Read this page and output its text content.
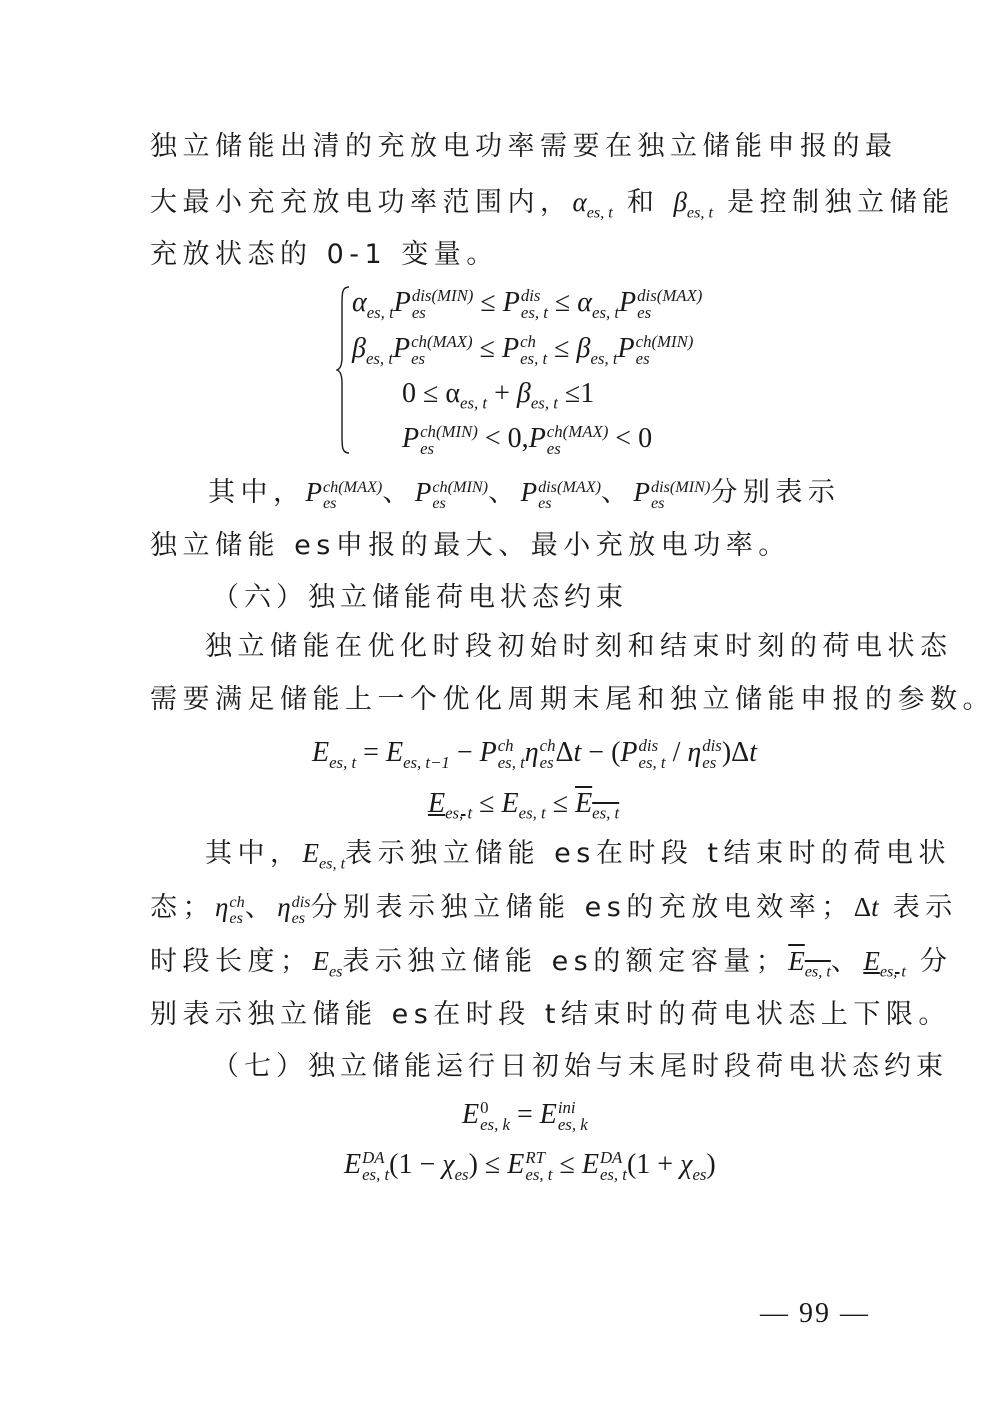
独立储能出清的充放电功率需要在独立储能申报的最
大最小充充放电功率范围内，$\alpha_{es, t}$ 和 $\beta_{es, t}$ 是控制独立储能
充放状态的 0-1 变量。
$\alpha_{es, t}P$ dis(MIN)
es	≤ P dis
es, $t \le \alpha_{es, t}P$ dis(MAX)
es
$\beta_{es, t}P$ ch(MAX)
es	≤ P ch
es, $t \le \beta_{es, t}P$ ch(MIN)
es
$0 \le \alpha_{es, t} + \beta_{es, t} \le 1$
P ch(MIN)
es	< 0,P ch(MAX)
es	< 0
其中，P ch(MAX)
es	、P ch(MIN)
es	、P dis(MAX)
es	、P dis(MIN)
es	分别表示
独立储能 es申报的最大、最小充放电功率。
（六）独立储能荷电状态约束
独立储能在优化时段初始时刻和结束时刻的荷电状态
需要满足储能上一个优化周期末尾和独立储能申报的参数。
$E_{es, t} = E_{es, t-1} - P$ ch
es, t η ch
es Δt − (P dis
es, t / η dis
es )Δt
$E_{es, t} \le E_{es, t} \le E_{es, t}$
其中，$E_{es, t}$表示独立储能 es在时段 t结束时的荷电状
态；η ch
es 、η dis
es 分别表示独立储能 es的充放电效率；Δt 表示
时段长度；$E_{es}$表示独立储能 es的额定容量；$E_{es, t}$、$E_{es, t}$ 分
别表示独立储能 es在时段 t结束时的荷电状态上下限。
（七）独立储能运行日初始与末尾时段荷电状态约束
E 0
es, k = E ini
es, k
E DA
es, t $(1 - \chi_{es}) \le E$ RT
es, t ≤ E DA
es, t $(1 + \chi_{es})$
— 99 —
